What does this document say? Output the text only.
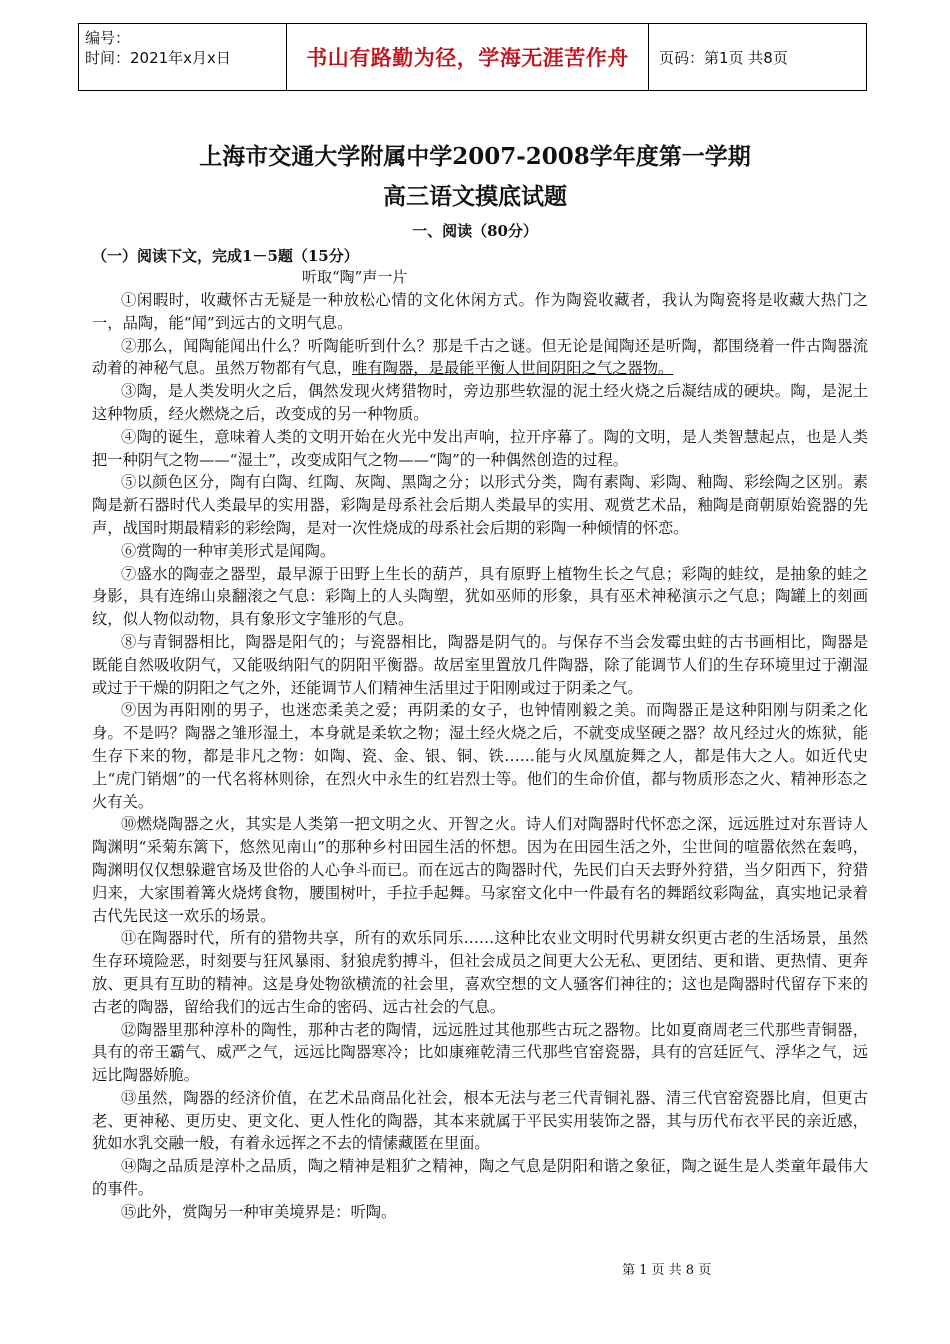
编号：
时间：2021年x月x日	书山有路勤为径，学海无涯苦作舟	页码：第1页 共8页
上海市交通大学附属中学2007-2008学年度第一学期
高三语文摸底试题
一、阅读（80分）
（一）阅读下文，完成1－5题（15分）
听取“陶”声一片

①闲暇时，收藏怀古无疑是一种放松心情的文化休闲方式。作为陶瓷收藏者，我认为陶瓷将是收藏大热门之一，品陶，能“闻”到远古的文明气息。

②那么，闻陶能闻出什么？听陶能听到什么？那是千古之谜。但无论是闻陶还是听陶，都围绕着一件古陶器流动着的神秘气息。虽然万物都有气息，唯有陶器，是最能平衡人世间阴阳之气之器物。

③陶，是人类发明火之后，偶然发现火烤猎物时，旁边那些软湿的泥土经火烧之后凝结成的硬块。陶，是泥土这种物质，经火燃烧之后，改变成的另一种物质。

④陶的诞生，意味着人类的文明开始在火光中发出声响，拉开序幕了。陶的文明，是人类智慧起点，也是人类把一种阴气之物——“湿土”，改变成阳气之物——“陶”的一种偶然创造的过程。

⑤以颜色区分，陶有白陶、红陶、灰陶、黑陶之分；以形式分类，陶有素陶、彩陶、釉陶、彩绘陶之区别。素陶是新石器时代人类最早的实用器，彩陶是母系社会后期人类最早的实用、观赏艺术品，釉陶是商朝原始瓷器的先声，战国时期最精彩的彩绘陶，是对一次性烧成的母系社会后期的彩陶一种倾情的怀恋。

⑥赏陶的一种审美形式是闻陶。

⑦盛水的陶壶之器型，最早源于田野上生长的葫芦，具有原野上植物生长之气息；彩陶的蛙纹，是抽象的蛙之身影，具有连绵山泉翻滚之气息：彩陶上的人头陶塑，犹如巫师的形象，具有巫术神秘演示之气息；陶罐上的刻画纹，似人物似动物，具有象形文字雏形的气息。

⑧与青铜器相比，陶器是阳气的；与瓷器相比，陶器是阴气的。与保存不当会发霉虫蛀的古书画相比，陶器是既能自然吸收阴气，又能吸纳阳气的阴阳平衡器。故居室里置放几件陶器，除了能调节人们的生存环境里过于潮湿或过于干燥的阴阳之气之外，还能调节人们精神生活里过于阳刚或过于阴柔之气。

⑨因为再阳刚的男子，也迷恋柔美之爱；再阴柔的女子，也钟情刚毅之美。而陶器正是这种阳刚与阴柔之化身。不是吗？陶器之雏形湿土，本身就是柔软之物；湿土经火烧之后，不就变成坚硬之器？故凡经过火的炼狱，能生存下来的物，都是非凡之物：如陶、瓷、金、银、铜、铁……能与火凤凰旋舞之人，都是伟大之人。如近代史上“虎门销烟”的一代名将林则徐，在烈火中永生的红岩烈士等。他们的生命价值，都与物质形态之火、精神形态之火有关。

⑩燃烧陶器之火，其实是人类第一把文明之火、开智之火。诗人们对陶器时代怀恋之深，远远胜过对东晋诗人陶渊明“采菊东篱下，悠然见南山”的那种乡村田园生活的怀想。因为在田园生活之外，尘世间的喧嚣依然在轰鸣，陶渊明仅仅想躲避官场及世俗的人心争斗而已。而在远古的陶器时代，先民们白天去野外狩猎，当夕阳西下，狩猎归来，大家围着篝火烧烤食物，腰围树叶，手拉手起舞。马家窑文化中一件最有名的舞蹈纹彩陶盆，真实地记录着古代先民这一欢乐的场景。

⑪在陶器时代，所有的猎物共享，所有的欢乐同乐……这种比农业文明时代男耕女织更古老的生活场景，虽然生存环境险恶，时刻要与狂风暴雨、豺狼虎豹搏斗，但社会成员之间更大公无私、更团结、更和谐、更热情、更奔放、更具有互助的精神。这是身处物欲横流的社会里，喜欢空想的文人骚客们神往的；这也是陶器时代留存下来的古老的陶器，留给我们的远古生命的密码、远古社会的气息。

⑫陶器里那种淳朴的陶性，那种古老的陶情，远远胜过其他那些古玩之器物。比如夏商周老三代那些青铜器，具有的帝王霸气、威严之气，远远比陶器寒冷；比如康雍乾清三代那些官窑瓷器，具有的宫廷匠气、浮华之气，远远比陶器娇脆。

⑬虽然，陶器的经济价值，在艺术品商品化社会，根本无法与老三代青铜礼器、清三代官窑瓷器比肩，但更古老、更神秘、更历史、更文化、更人性化的陶器，其本来就属于平民实用装饰之器，其与历代布衣平民的亲近感，犹如水乳交融一般，有着永远挥之不去的情愫藏匿在里面。

⑭陶之品质是淳朴之品质，陶之精神是粗犷之精神，陶之气息是阴阳和谐之象征，陶之诞生是人类童年最伟大的事件。

⑮此外，赏陶另一种审美境界是：听陶。

第 1 页 共 8 页
